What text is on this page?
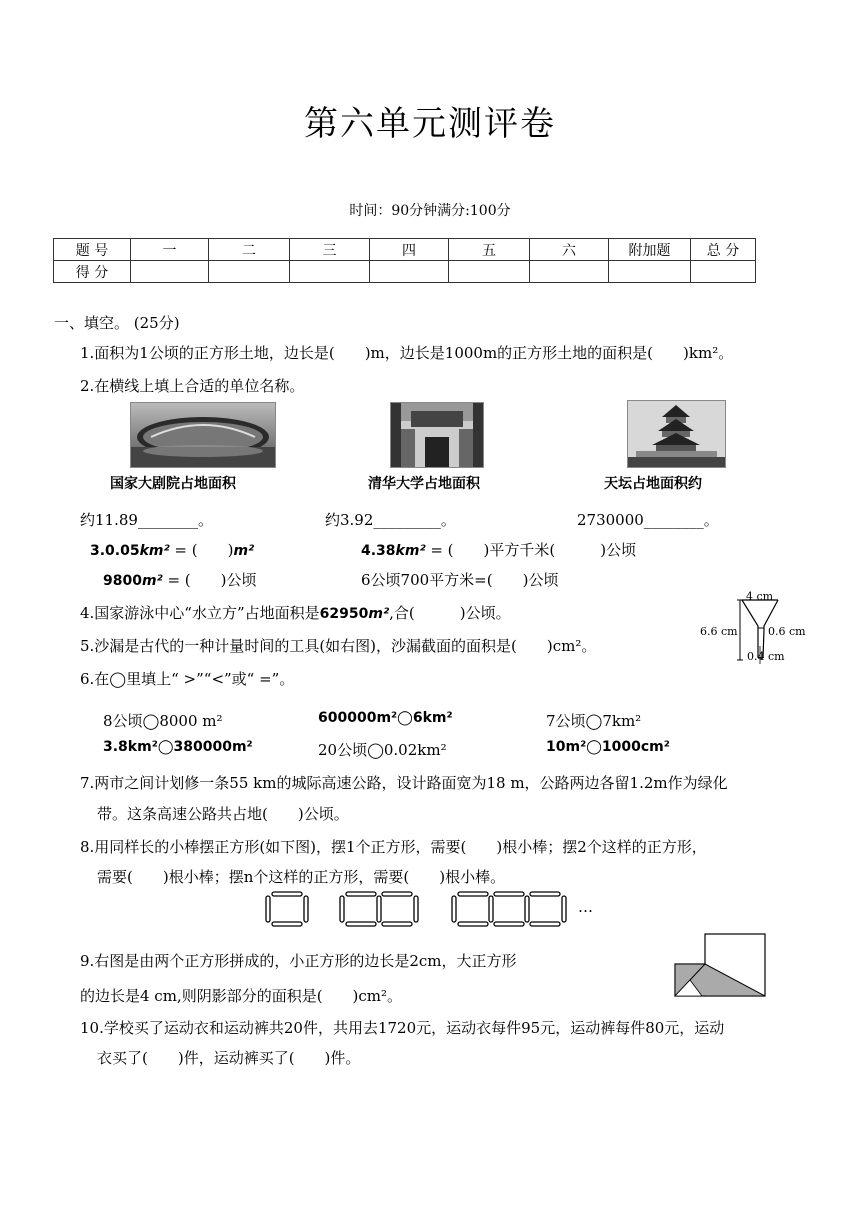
第六单元测评卷
时间：90分钟满分:100分
题 号	一	二	三	四	五	六	附加题	总 分
得 分								
一、填空。 (25分)
1.面积为1公顷的正方形土地，边长是(　　)m，边长是1000m的正方形土地的面积是(　　)km²。
2.在横线上填上合适的单位名称。
国家大剧院占地面积	清华大学占地面积	天坛占地面积约
约11.89________。	约3.92_________。	2730000________。
3.0.05km² = (　　)m²	4.38km² = (　　)平方千米(　　　)公顷
9800m² = (　　)公顷	6公顷700平方米=(　　)公顷
4.国家游泳中心“水立方”占地面积是62950m²,合(　　　)公顷。
4 cm
6.6 cm	0.6 cm
0.4 cm
5.沙漏是古代的一种计量时间的工具(如右图)，沙漏截面的面积是(　　)cm²。
6.在◯里填上“ >”“<”或“ =”。
8公顷◯8000 m²	600000m²◯6km²	7公顷◯7km²
3.8km²◯380000m²	20公顷◯0.02km²	10m²◯1000cm²
7.两市之间计划修一条55 km的城际高速公路，设计路面宽为18 m，公路两边各留1.2m作为绿化
带。这条高速公路共占地(　　)公顷。
8.用同样长的小棒摆正方形(如下图)，摆1个正方形，需要(　　)根小棒；摆2个这样的正方形，
需要(　　)根小棒；摆n个这样的正方形，需要(　　)根小棒。
…
9.右图是由两个正方形拼成的，小正方形的边长是2cm，大正方形
的边长是4 cm,则阴影部分的面积是(　　)cm²。
10.学校买了运动衣和运动裤共20件，共用去1720元，运动衣每件95元，运动裤每件80元，运动
衣买了(　　)件，运动裤买了(　　)件。
